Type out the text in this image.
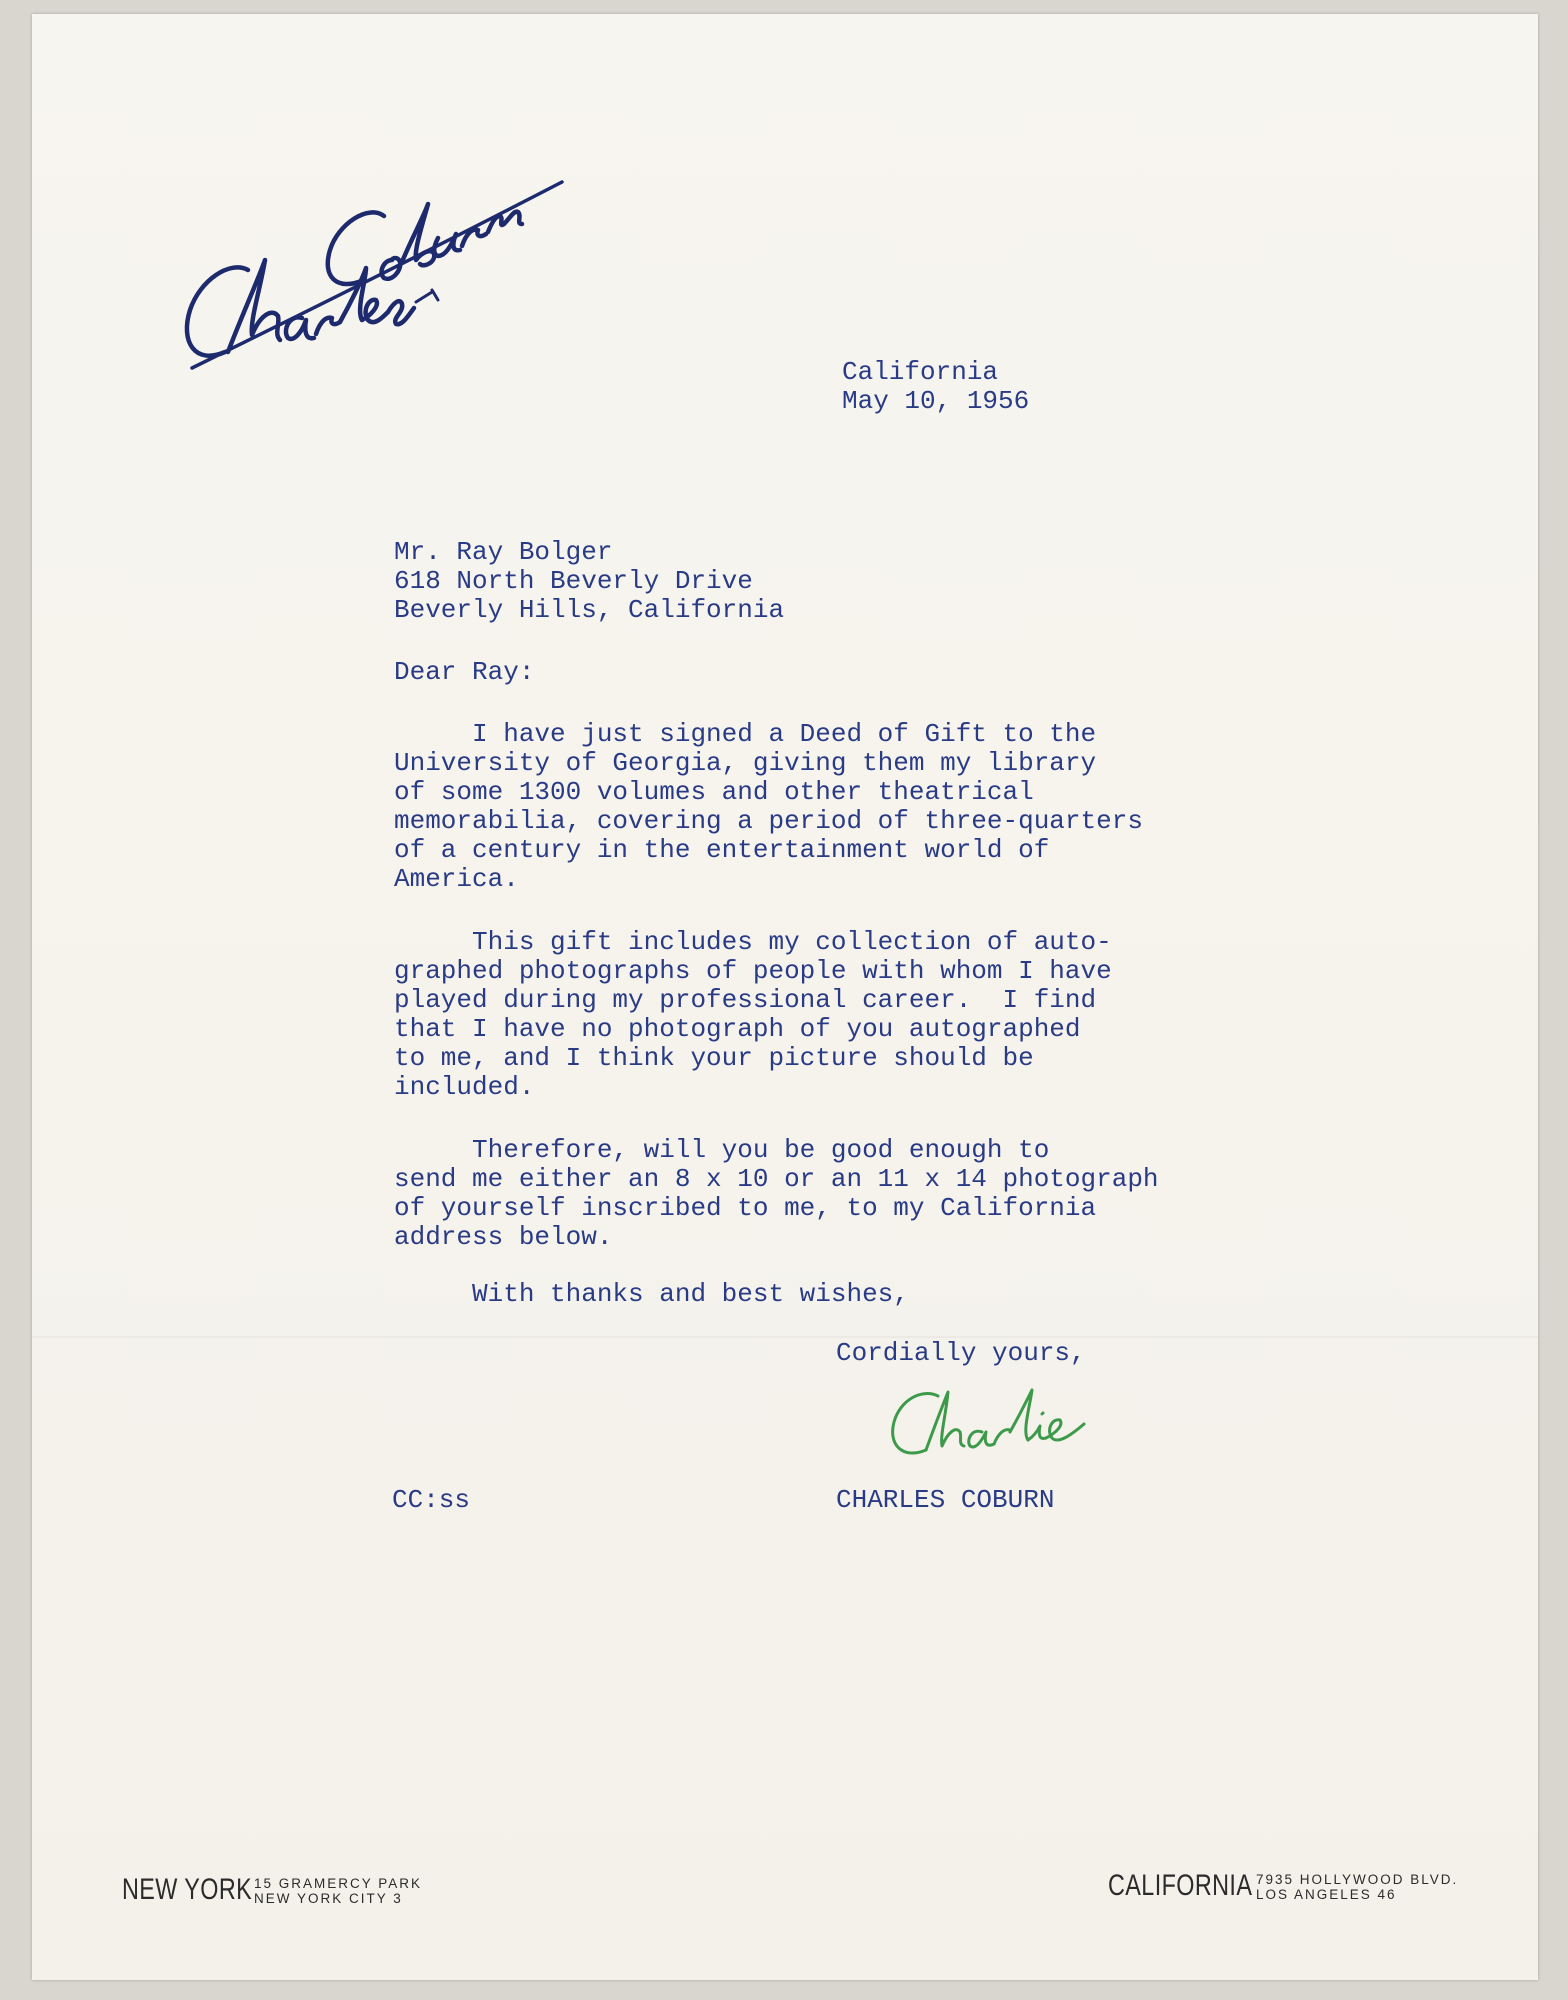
California
May 10, 1956
Mr. Ray Bolger
618 North Beverly Drive
Beverly Hills, California
Dear Ray:
I have just signed a Deed of Gift to the
University of Georgia, giving them my library
of some 1300 volumes and other theatrical
memorabilia, covering a period of three-quarters
of a century in the entertainment world of
America.
This gift includes my collection of auto-
graphed photographs of people with whom I have
played during my professional career.  I find
that I have no photograph of you autographed
to me, and I think your picture should be
included.
Therefore, will you be good enough to
send me either an 8 x 10 or an 11 x 14 photograph
of yourself inscribed to me, to my California
address below.
With thanks and best wishes,
Cordially yours,
CC:ss	CHARLES COBURN
NEW YORK 15 GRAMERCY PARK
NEW YORK CITY 3	CALIFORNIA 7935 HOLLYWOOD BLVD.
LOS ANGELES 46
